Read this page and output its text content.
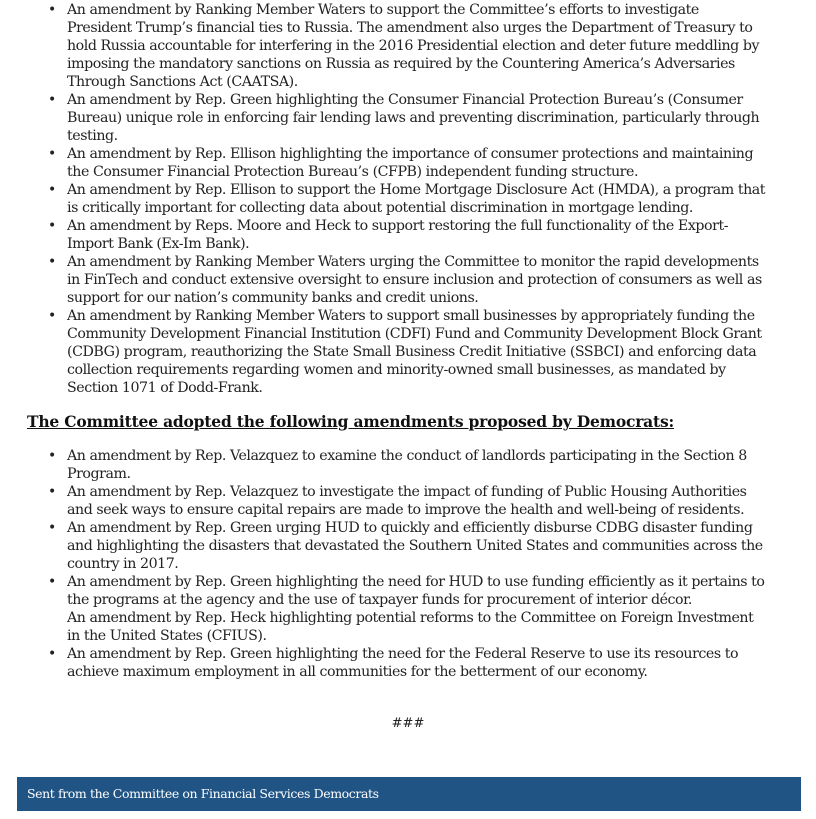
• An amendment by Ranking Member Waters to support the Committee’s efforts to investigate
President Trump’s financial ties to Russia. The amendment also urges the Department of Treasury to
hold Russia accountable for interfering in the 2016 Presidential election and deter future meddling by
imposing the mandatory sanctions on Russia as required by the Countering America’s Adversaries
Through Sanctions Act (CAATSA).
• An amendment by Rep. Green highlighting the Consumer Financial Protection Bureau’s (Consumer
Bureau) unique role in enforcing fair lending laws and preventing discrimination, particularly through
testing.
• An amendment by Rep. Ellison highlighting the importance of consumer protections and maintaining
the Consumer Financial Protection Bureau’s (CFPB) independent funding structure.
• An amendment by Rep. Ellison to support the Home Mortgage Disclosure Act (HMDA), a program that
is critically important for collecting data about potential discrimination in mortgage lending.
• An amendment by Reps. Moore and Heck to support restoring the full functionality of the Export-
Import Bank (Ex-Im Bank).
• An amendment by Ranking Member Waters urging the Committee to monitor the rapid developments
in FinTech and conduct extensive oversight to ensure inclusion and protection of consumers as well as
support for our nation’s community banks and credit unions.
• An amendment by Ranking Member Waters to support small businesses by appropriately funding the
Community Development Financial Institution (CDFI) Fund and Community Development Block Grant
(CDBG) program, reauthorizing the State Small Business Credit Initiative (SSBCI) and enforcing data
collection requirements regarding women and minority-owned small businesses, as mandated by
Section 1071 of Dodd-Frank.
The Committee adopted the following amendments proposed by Democrats:
• An amendment by Rep. Velazquez to examine the conduct of landlords participating in the Section 8
Program.
• An amendment by Rep. Velazquez to investigate the impact of funding of Public Housing Authorities
and seek ways to ensure capital repairs are made to improve the health and well-being of residents.
• An amendment by Rep. Green urging HUD to quickly and efficiently disburse CDBG disaster funding
and highlighting the disasters that devastated the Southern United States and communities across the
country in 2017.
• An amendment by Rep. Green highlighting the need for HUD to use funding efficiently as it pertains to
the programs at the agency and the use of taxpayer funds for procurement of interior décor.
An amendment by Rep. Heck highlighting potential reforms to the Committee on Foreign Investment
in the United States (CFIUS).
• An amendment by Rep. Green highlighting the need for the Federal Reserve to use its resources to
achieve maximum employment in all communities for the betterment of our economy.
###
Sent from the Committee on Financial Services Democrats
